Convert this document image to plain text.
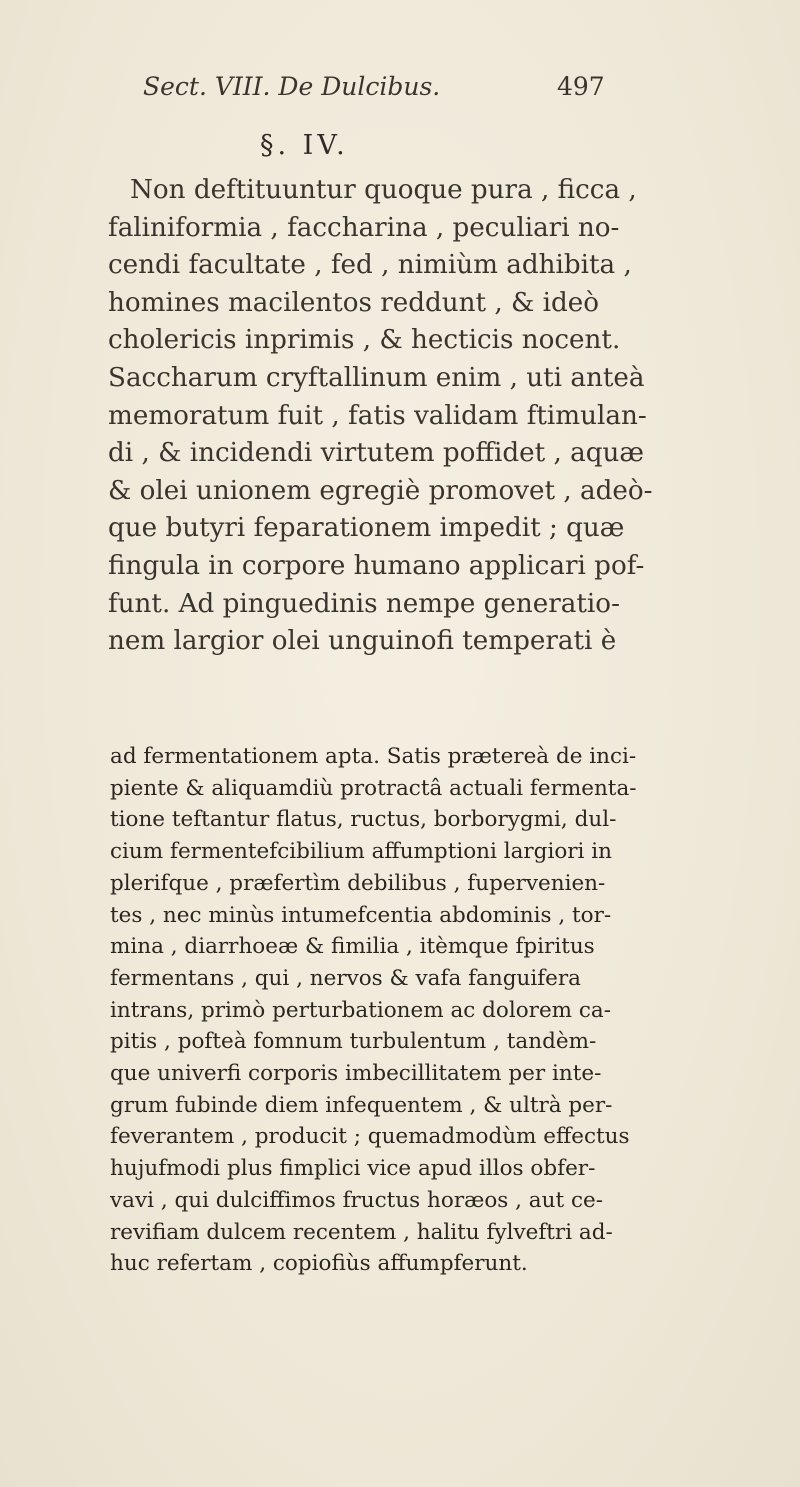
Sect. VIII. De Dulcibus.	497
§. IV.
Non deftituuntur quoque pura , ficca ,
faliniformia , faccharina , peculiari no-
cendi facultate , fed , nimiùm adhibita ,
homines macilentos reddunt , & ideò
cholericis inprimis , & hecticis nocent.
Saccharum cryftallinum enim , uti anteà
memoratum fuit , fatis validam ftimulan-
di , & incidendi virtutem poffidet , aquæ
& olei unionem egregiè promovet , adeò-
que butyri feparationem impedit ; quæ
fingula in corpore humano applicari pof-
funt. Ad pinguedinis nempe generatio-
nem largior olei unguinofi temperati è
ad fermentationem apta. Satis prætereà de inci-
piente & aliquamdiù protractâ actuali fermenta-
tione teftantur flatus, ructus, borborygmi, dul-
cium fermentefcibilium affumptioni largiori in
plerifque , præfertìm debilibus , fupervenien-
tes , nec minùs intumefcentia abdominis , tor-
mina , diarrhoeæ & fimilia , itèmque fpiritus
fermentans , qui , nervos & vafa fanguifera
intrans, primò perturbationem ac dolorem ca-
pitis , pofteà fomnum turbulentum , tandèm-
que univerfi corporis imbecillitatem per inte-
grum fubinde diem infequentem , & ultrà per-
feverantem , producit ; quemadmodùm effectus
hujufmodi plus fimplici vice apud illos obfer-
vavi , qui dulciffimos fructus horæos , aut ce-
revifiam dulcem recentem , halitu fylveftri ad-
huc refertam , copiofiùs affumpferunt.
